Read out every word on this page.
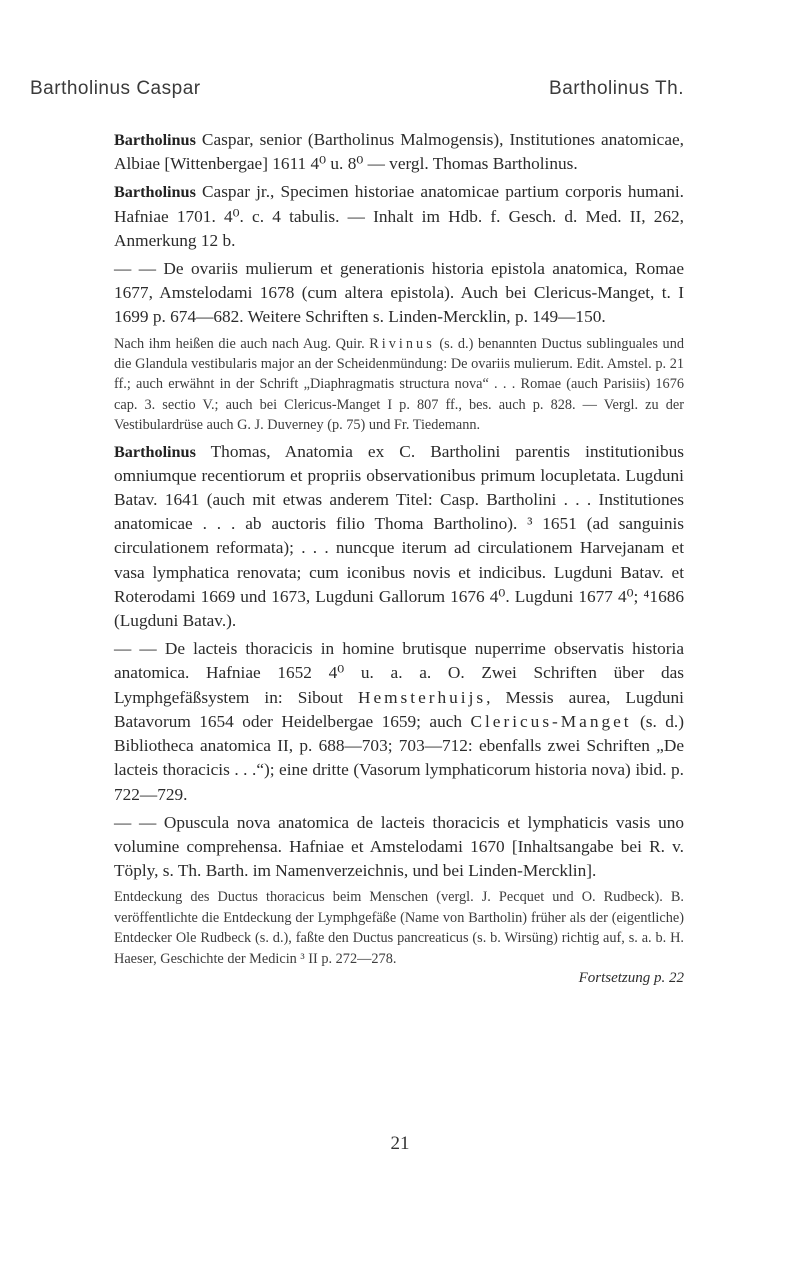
Bartholinus Caspar	Bartholinus Th.

Bartholinus Caspar, senior (Bartholinus Malmogensis), Institutiones anatomicae, Albiae [Wittenbergae] 1611 4⁰ u. 8⁰ — vergl. Thomas Bartholinus.

Bartholinus Caspar jr., Specimen historiae anatomicae partium corporis humani. Hafniae 1701. 4⁰. c. 4 tabulis. — Inhalt im Hdb. f. Gesch. d. Med. II, 262, Anmerkung 12 b.

— — De ovariis mulierum et generationis historia epistola anatomica, Romae 1677, Amstelodami 1678 (cum altera epistola). Auch bei Clericus-Manget, t. I 1699 p. 674—682. Weitere Schriften s. Linden-Mercklin, p. 149—150.

Nach ihm heißen die auch nach Aug. Quir. Rivinus (s. d.) benannten Ductus sublinguales und die Glandula vestibularis major an der Scheidenmündung: De ovariis mulierum. Edit. Amstel. p. 21 ff.; auch erwähnt in der Schrift „Diaphragmatis structura nova“ . . . Romae (auch Parisiis) 1676 cap. 3. sectio V.; auch bei Clericus-Manget I p. 807 ff., bes. auch p. 828. — Vergl. zu der Vestibulardrüse auch G. J. Duverney (p. 75) und Fr. Tiedemann.

Bartholinus Thomas, Anatomia ex C. Bartholini parentis institutionibus omniumque recentiorum et propriis observationibus primum locupletata. Lugduni Batav. 1641 (auch mit etwas anderem Titel: Casp. Bartholini . . . Institutiones anatomicae . . . ab auctoris filio Thoma Bartholino). ³ 1651 (ad sanguinis circulationem reformata); . . . nuncque iterum ad circulationem Harvejanam et vasa lymphatica renovata; cum iconibus novis et indicibus. Lugduni Batav. et Roterodami 1669 und 1673, Lugduni Gallorum 1676 4⁰. Lugduni 1677 4⁰; ⁴1686 (Lugduni Batav.).

— — De lacteis thoracicis in homine brutisque nuperrime observatis historia anatomica. Hafniae 1652 4⁰ u. a. a. O. Zwei Schriften über das Lymphgefäßsystem in: Sibout Hemsterhuijs, Messis aurea, Lugduni Batavorum 1654 oder Heidelbergae 1659; auch Clericus-Manget (s. d.) Bibliotheca anatomica II, p. 688—703; 703—712: ebenfalls zwei Schriften „De lacteis thoracicis . . .“); eine dritte (Vasorum lymphaticorum historia nova) ibid. p. 722—729.

— — Opuscula nova anatomica de lacteis thoracicis et lymphaticis vasis uno volumine comprehensa. Hafniae et Amstelodami 1670 [Inhaltsangabe bei R. v. Töply, s. Th. Barth. im Namenverzeichnis, und bei Linden-Mercklin].

Entdeckung des Ductus thoracicus beim Menschen (vergl. J. Pecquet und O. Rudbeck). B. veröffentlichte die Entdeckung der Lymphgefäße (Name von Bartholin) früher als der (eigentliche) Entdecker Ole Rudbeck (s. d.), faßte den Ductus pancreaticus (s. b. Wirsüng) richtig auf, s. a. b. H. Haeser, Geschichte der Medicin ³ II p. 272—278.

Fortsetzung p. 22
21
